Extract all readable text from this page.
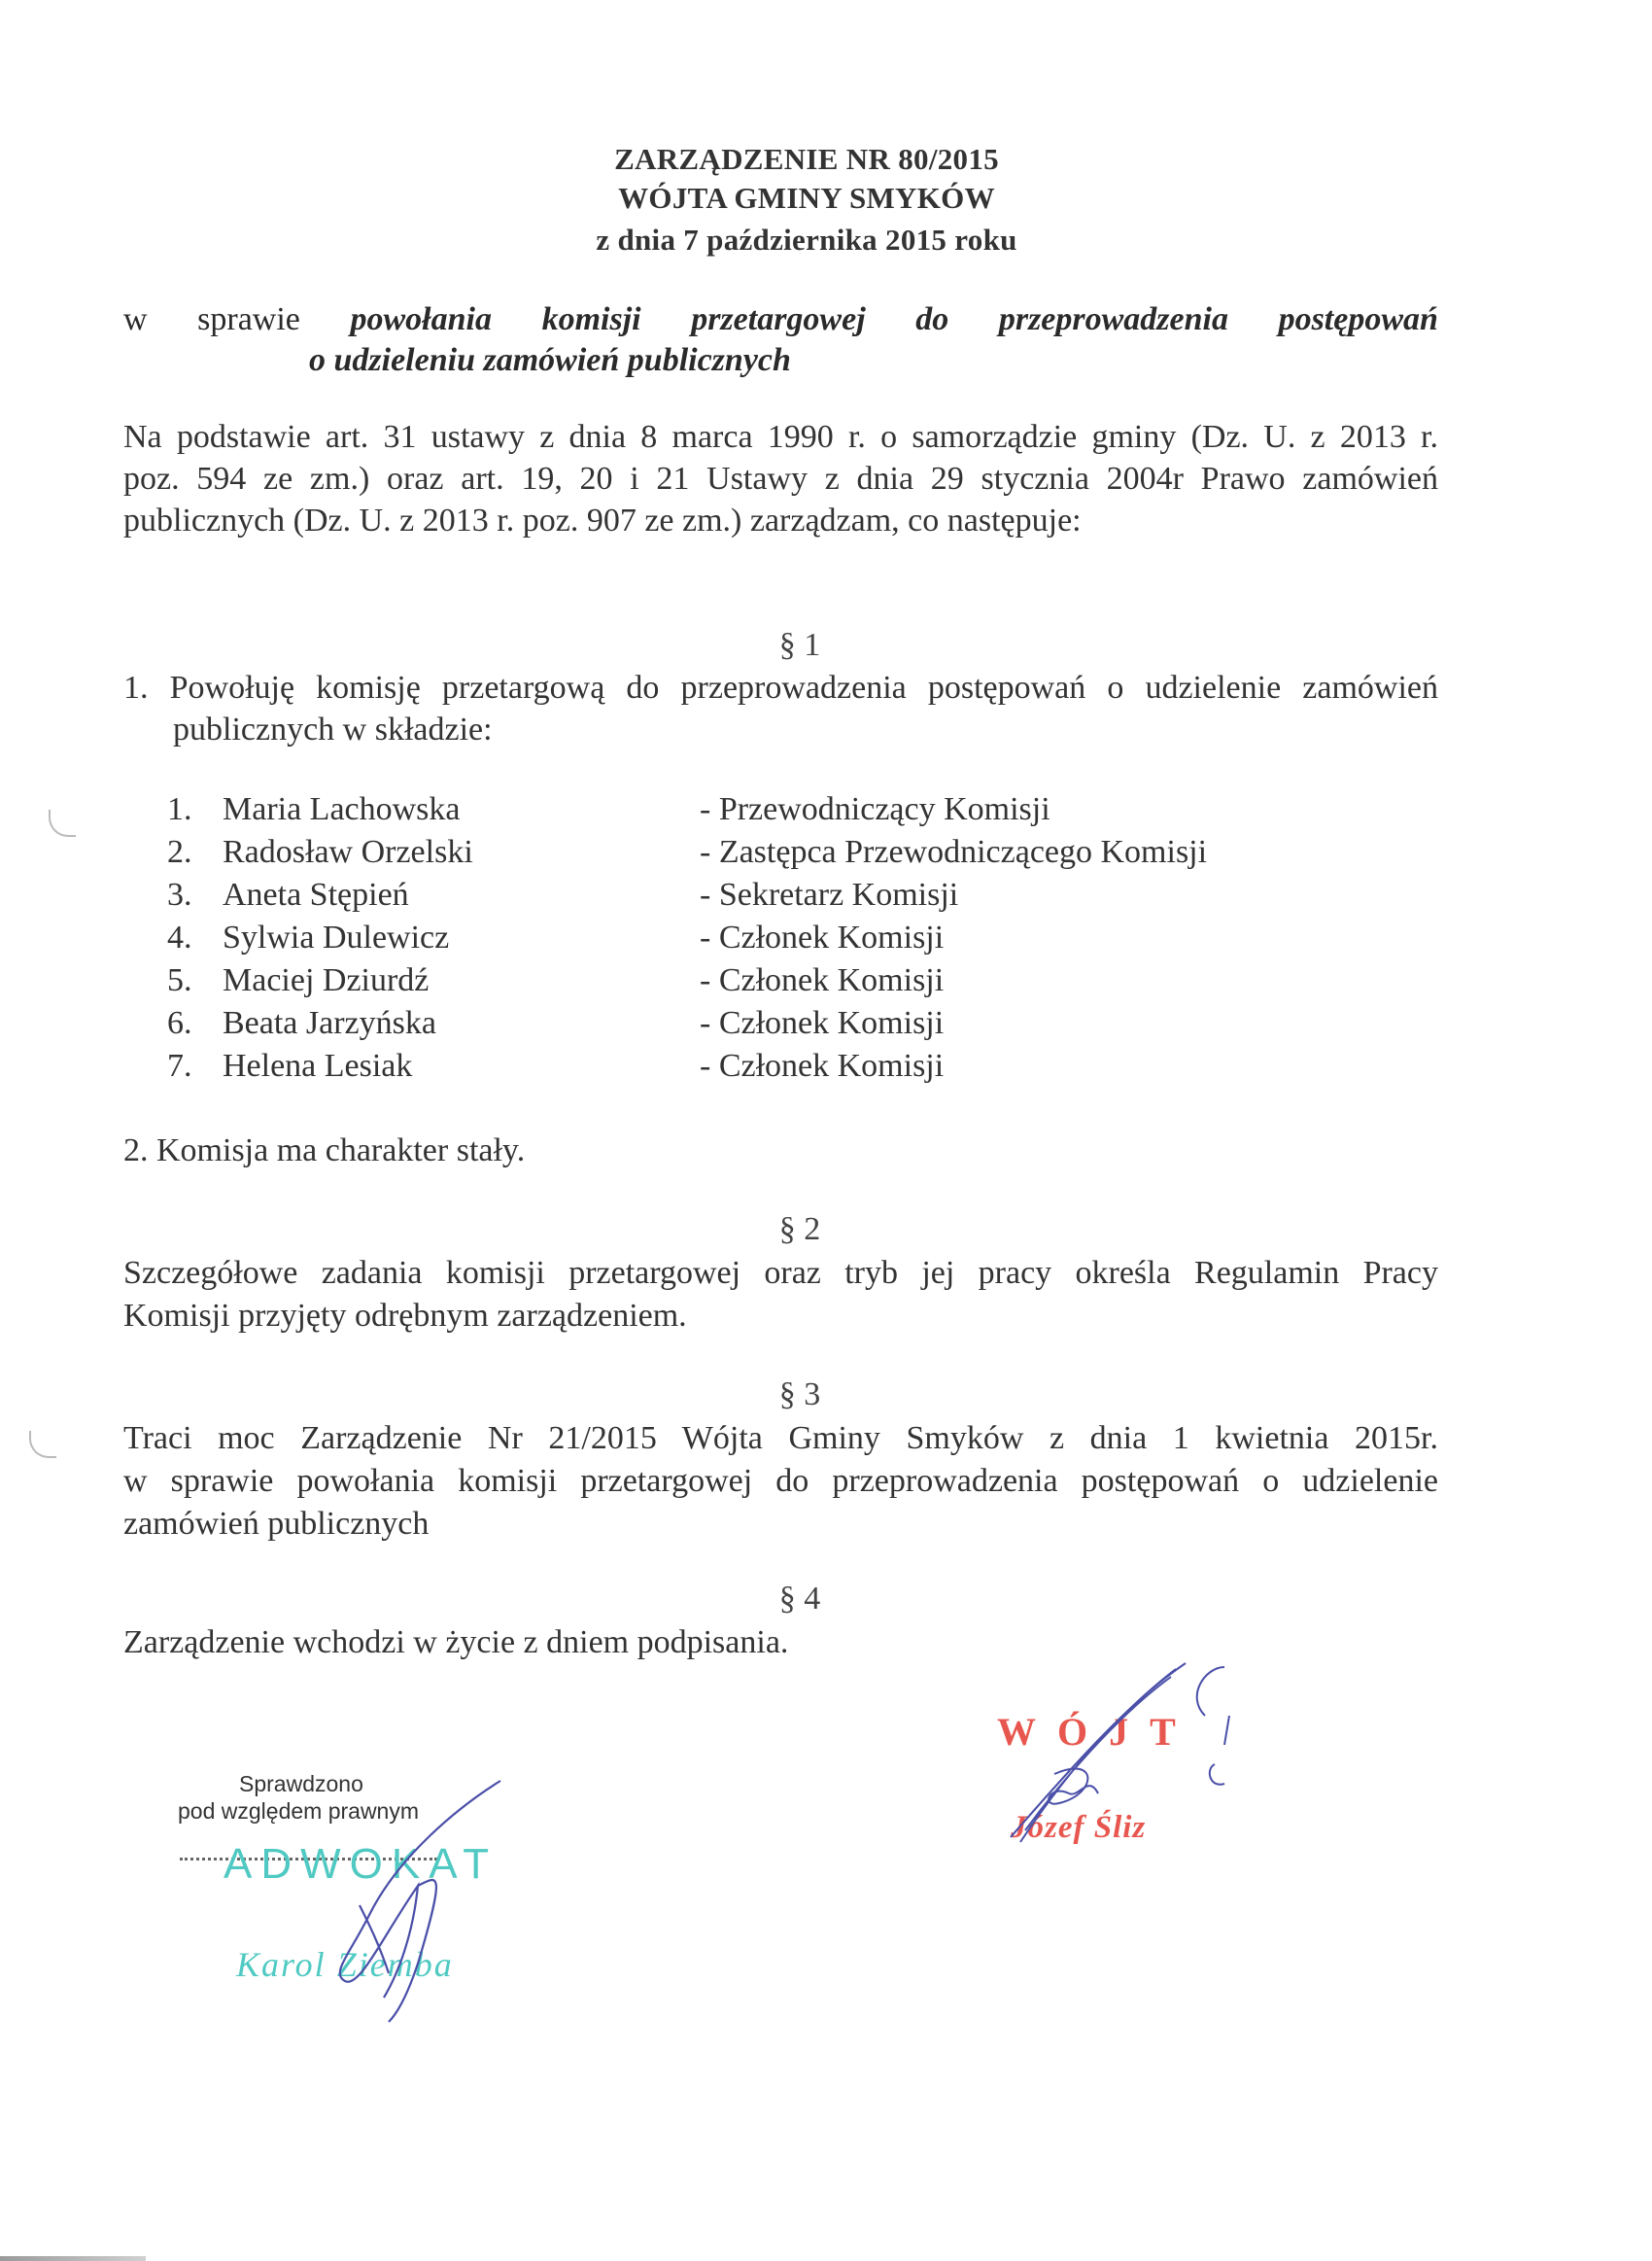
ZARZĄDZENIE NR 80/2015
WÓJTA GMINY SMYKÓW
z dnia 7 października 2015 roku
w sprawie powołania komisji przetargowej do przeprowadzenia postępowań
o udzieleniu zamówień publicznych
Na podstawie art. 31 ustawy z dnia 8 marca 1990 r. o samorządzie gminy (Dz. U. z 2013 r.
poz. 594 ze zm.) oraz art. 19, 20 i 21 Ustawy z dnia 29 stycznia 2004r Prawo zamówień
publicznych (Dz. U. z 2013 r. poz. 907 ze zm.) zarządzam, co następuje:
§ 1
1. Powołuję komisję przetargową do przeprowadzenia postępowań o udzielenie zamówień
publicznych w składzie:
1. Maria Lachowska	- Przewodniczący Komisji
2. Radosław Orzelski	- Zastępca Przewodniczącego Komisji
3. Aneta Stępień	- Sekretarz Komisji
4. Sylwia Dulewicz	- Członek Komisji
5. Maciej Dziurdź	- Członek Komisji
6. Beata Jarzyńska	- Członek Komisji
7. Helena Lesiak	- Członek Komisji
2. Komisja ma charakter stały.
§ 2
Szczegółowe zadania komisji przetargowej oraz tryb jej pracy określa Regulamin Pracy
Komisji przyjęty odrębnym zarządzeniem.
§ 3
Traci moc Zarządzenie Nr 21/2015 Wójta Gminy Smyków z dnia 1 kwietnia 2015r.
w sprawie powołania komisji przetargowej do przeprowadzenia postępowań o udzielenie
zamówień publicznych
§ 4
Zarządzenie wchodzi w życie z dniem podpisania.
Sprawdzono
pod względem prawnym
ADWOKAT
Karol Ziemba
WÓJT
Józef Śliz
